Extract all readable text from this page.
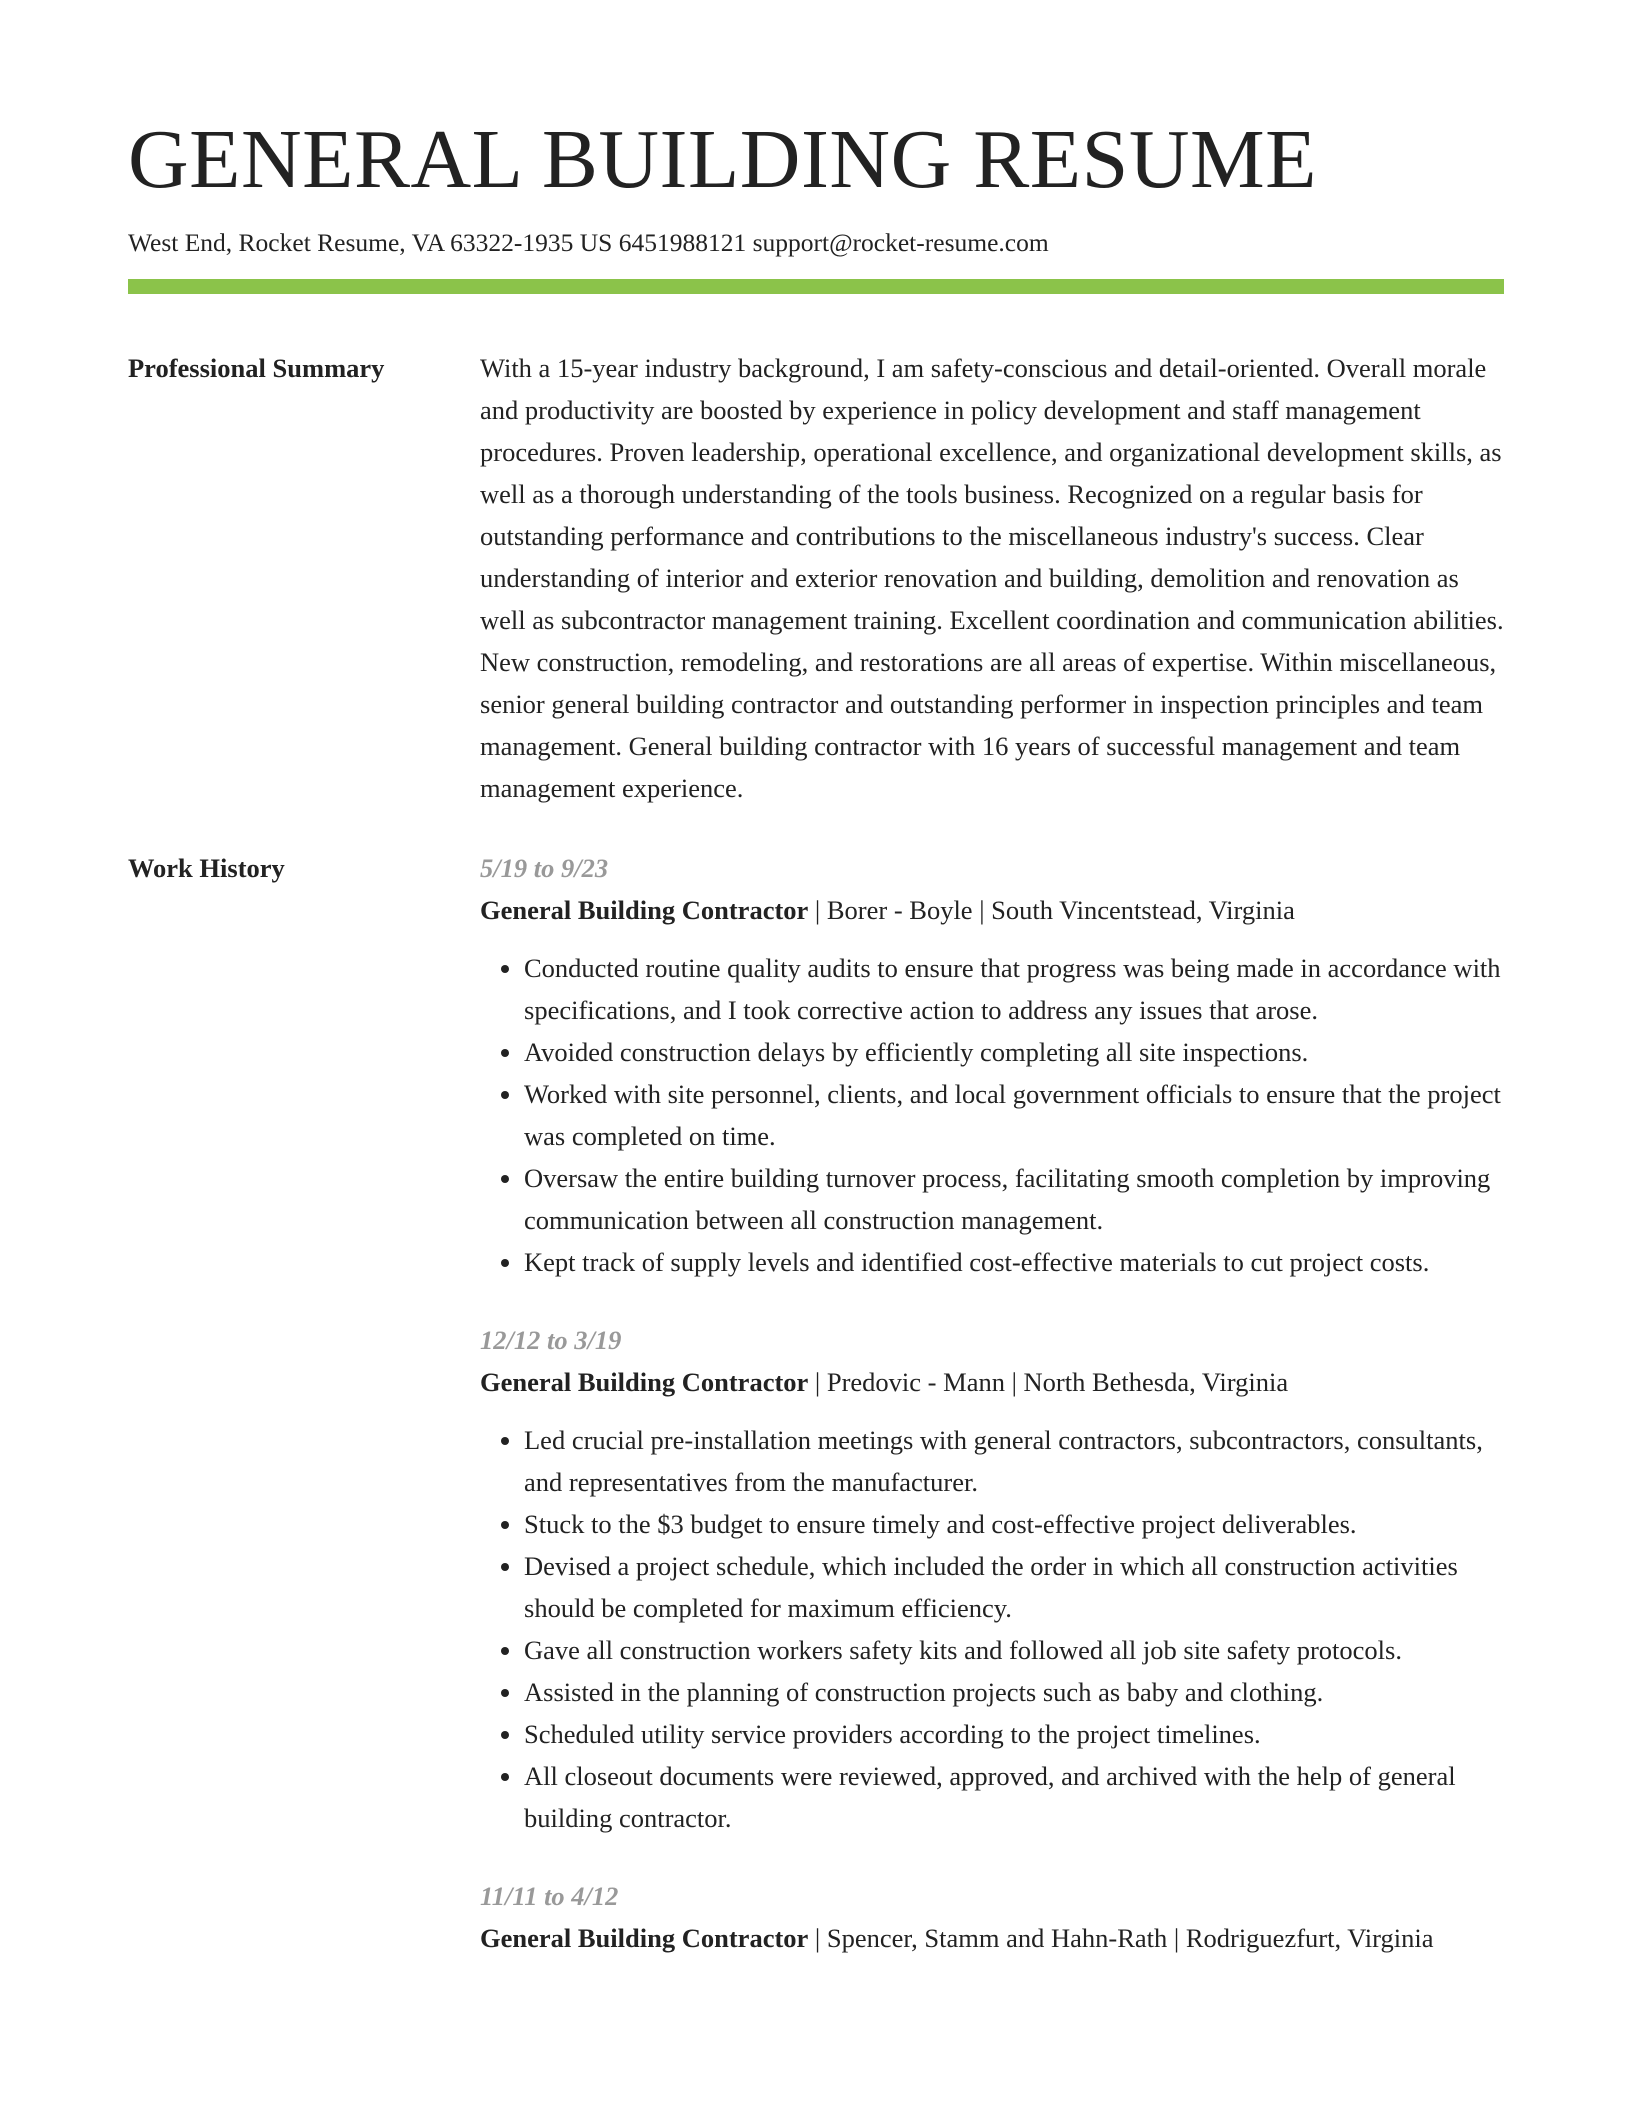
GENERAL BUILDING RESUME
West End, Rocket Resume, VA 63322-1935 US 6451988121 support@rocket-resume.com
Professional Summary	With a 15-year industry background, I am safety-conscious and detail-oriented. Overall morale and productivity are boosted by experience in policy development and staff management procedures. Proven leadership, operational excellence, and organizational development skills, as well as a thorough understanding of the tools business. Recognized on a regular basis for outstanding performance and contributions to the miscellaneous industry's success. Clear understanding of interior and exterior renovation and building, demolition and renovation as well as subcontractor management training. Excellent coordination and communication abilities. New construction, remodeling, and restorations are all areas of expertise. Within miscellaneous, senior general building contractor and outstanding performer in inspection principles and team management. General building contractor with 16 years of successful management and team management experience.

Work History	5/19 to 9/23

General Building Contractor | Borer - Boyle | South Vincentstead, Virginia

• Conducted routine quality audits to ensure that progress was being made in accordance with specifications, and I took corrective action to address any issues that arose.
• Avoided construction delays by efficiently completing all site inspections.
• Worked with site personnel, clients, and local government officials to ensure that the project was completed on time.
• Oversaw the entire building turnover process, facilitating smooth completion by improving communication between all construction management.
• Kept track of supply levels and identified cost-effective materials to cut project costs.

12/12 to 3/19

General Building Contractor | Predovic - Mann | North Bethesda, Virginia

• Led crucial pre-installation meetings with general contractors, subcontractors, consultants, and representatives from the manufacturer.
• Stuck to the $3 budget to ensure timely and cost-effective project deliverables.
• Devised a project schedule, which included the order in which all construction activities should be completed for maximum efficiency.
• Gave all construction workers safety kits and followed all job site safety protocols.
• Assisted in the planning of construction projects such as baby and clothing.
• Scheduled utility service providers according to the project timelines.
• All closeout documents were reviewed, approved, and archived with the help of general building contractor.

11/11 to 4/12

General Building Contractor | Spencer, Stamm and Hahn-Rath | Rodriguezfurt, Virginia
